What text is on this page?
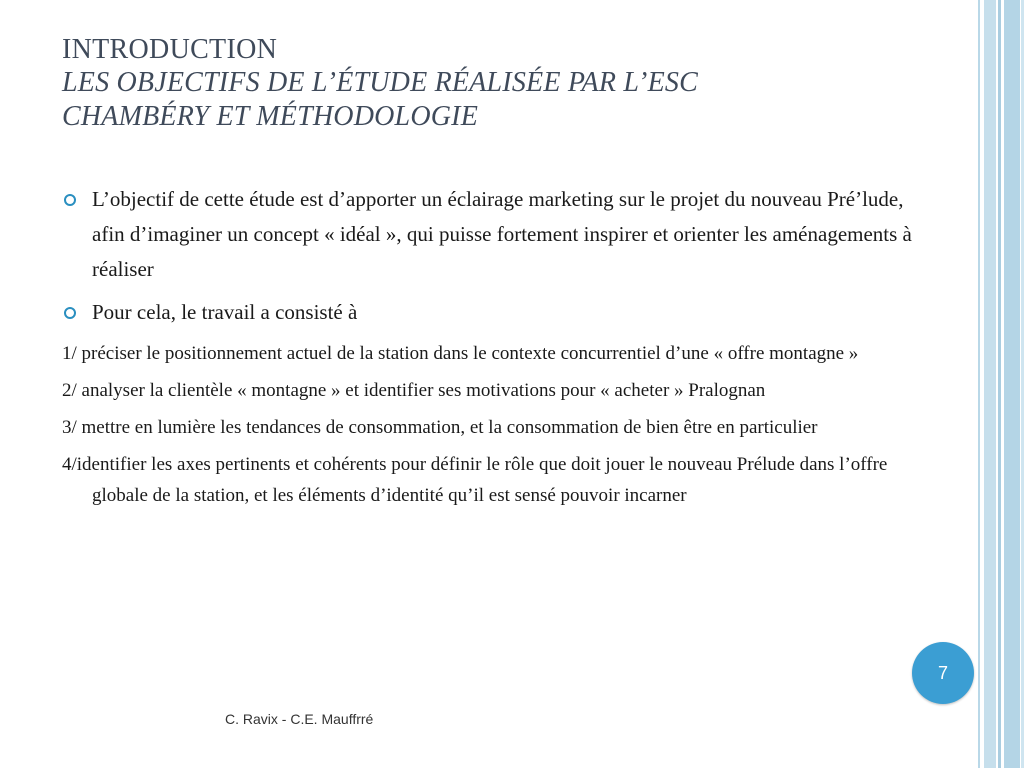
INTRODUCTION
LES OBJECTIFS DE L’ÉTUDE RÉALISÉE PAR L’ESC
CHAMBÉRY ET MÉTHODOLOGIE
L’objectif de cette étude est d’apporter un éclairage marketing sur le projet du nouveau Pré’lude, afin d’imaginer un concept « idéal », qui puisse fortement inspirer et orienter les aménagements à réaliser
Pour cela, le travail a consisté à
1/ préciser le positionnement actuel de la station dans le contexte concurrentiel d’une « offre montagne »
2/ analyser la clientèle « montagne » et identifier ses motivations pour « acheter » Pralognan
3/ mettre en lumière les tendances de consommation, et la consommation de bien être en particulier
4/identifier les axes pertinents et cohérents pour définir le rôle que doit jouer le nouveau Prélude dans l’offre globale de la station, et les éléments d’identité qu’il est sensé pouvoir incarner
7
C. Ravix - C.E. Mauffrré
